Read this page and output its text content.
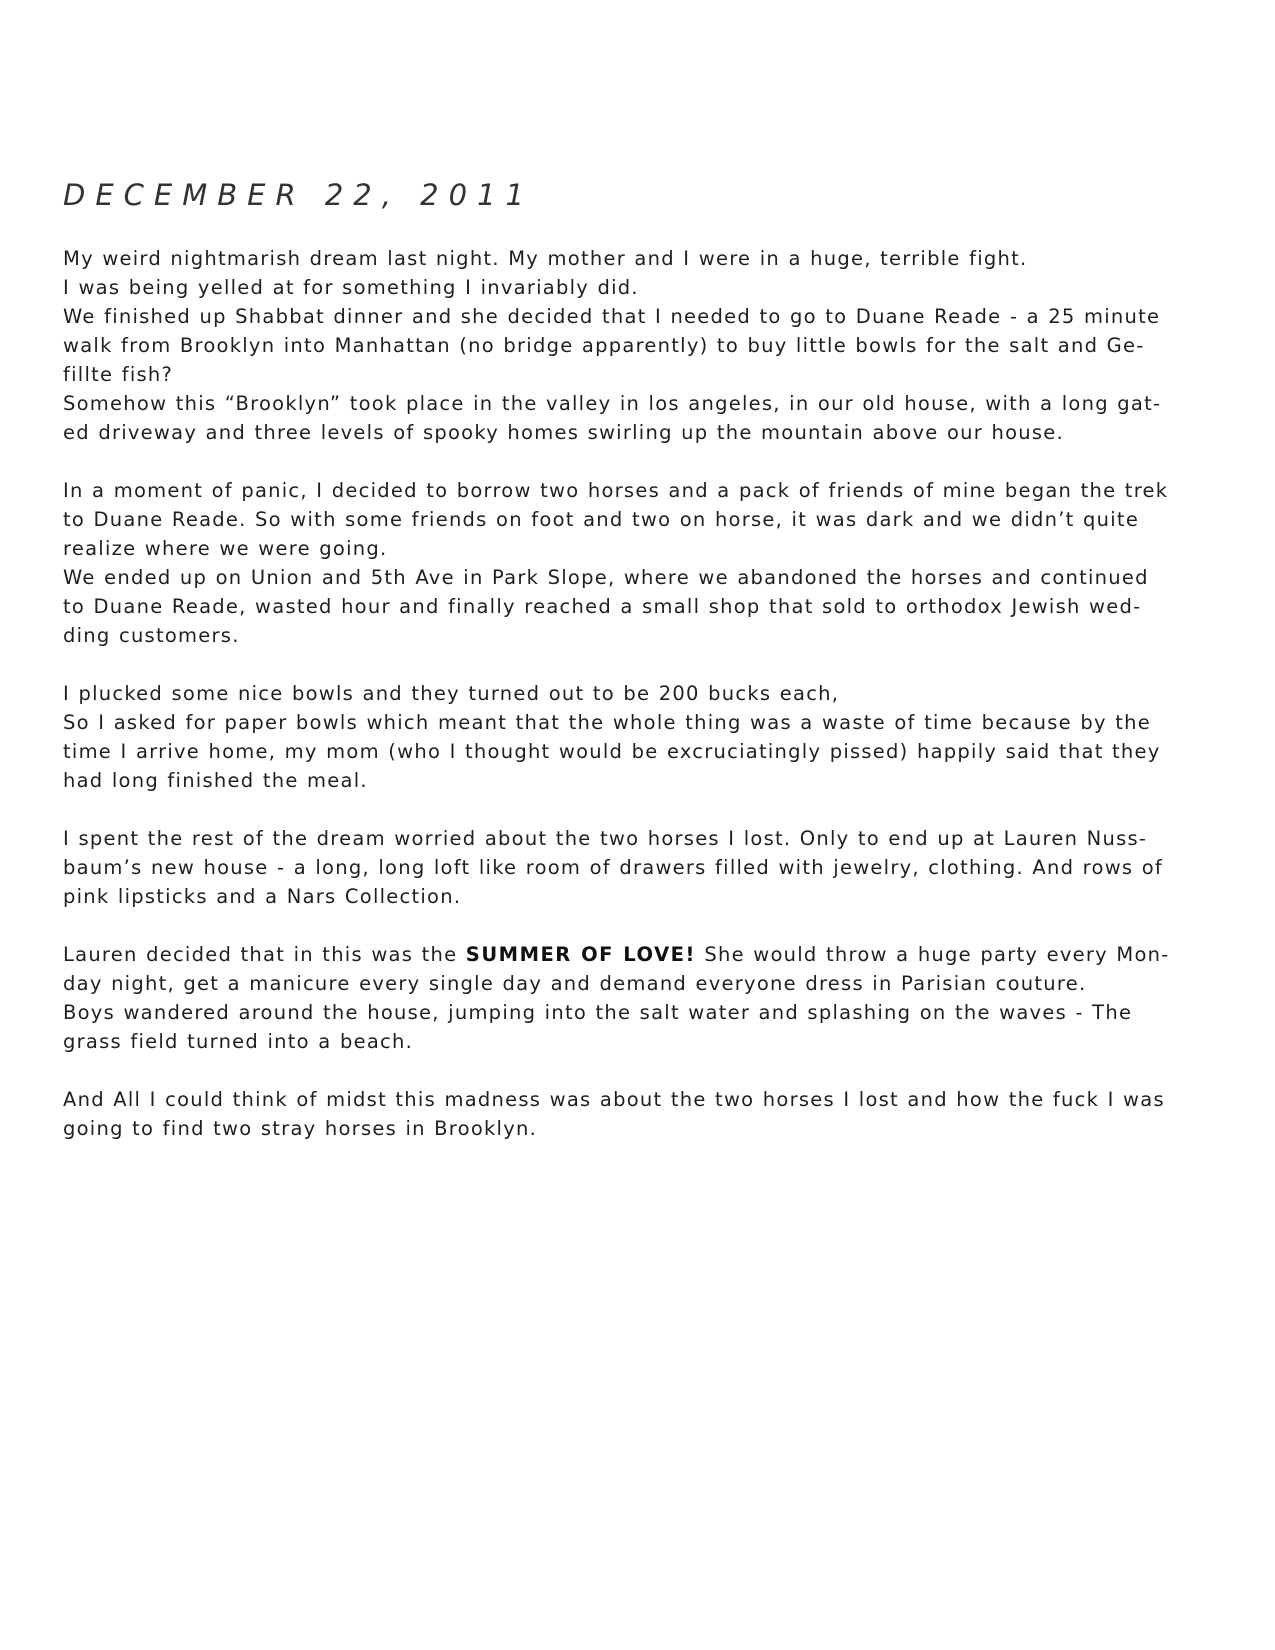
DECEMBER 22, 2011

My weird nightmarish dream last night. My mother and I were in a huge, terrible fight.
I was being yelled at for something I invariably did.
We finished up Shabbat dinner and she decided that I needed to go to Duane Reade - a 25 minute
walk from Brooklyn into Manhattan (no bridge apparently) to buy little bowls for the salt and Ge-
fillte fish?
Somehow this “Brooklyn” took place in the valley in los angeles, in our old house, with a long gat-
ed driveway and three levels of spooky homes swirling up the mountain above our house.

In a moment of panic, I decided to borrow two horses and a pack of friends of mine began the trek
to Duane Reade. So with some friends on foot and two on horse, it was dark and we didn’t quite
realize where we were going.
We ended up on Union and 5th Ave in Park Slope, where we abandoned the horses and continued
to Duane Reade, wasted hour and finally reached a small shop that sold to orthodox Jewish wed-
ding customers.

I plucked some nice bowls and they turned out to be 200 bucks each,
So I asked for paper bowls which meant that the whole thing was a waste of time because by the
time I arrive home, my mom (who I thought would be excruciatingly pissed) happily said that they
had long finished the meal.

I spent the rest of the dream worried about the two horses I lost. Only to end up at Lauren Nuss-
baum’s new house - a long, long loft like room of drawers filled with jewelry, clothing. And rows of
pink lipsticks and a Nars Collection.

Lauren decided that in this was the SUMMER OF LOVE! She would throw a huge party every Mon-
day night, get a manicure every single day and demand everyone dress in Parisian couture.
Boys wandered around the house, jumping into the salt water and splashing on the waves - The
grass field turned into a beach.

And All I could think of midst this madness was about the two horses I lost and how the fuck I was
going to find two stray horses in Brooklyn.
